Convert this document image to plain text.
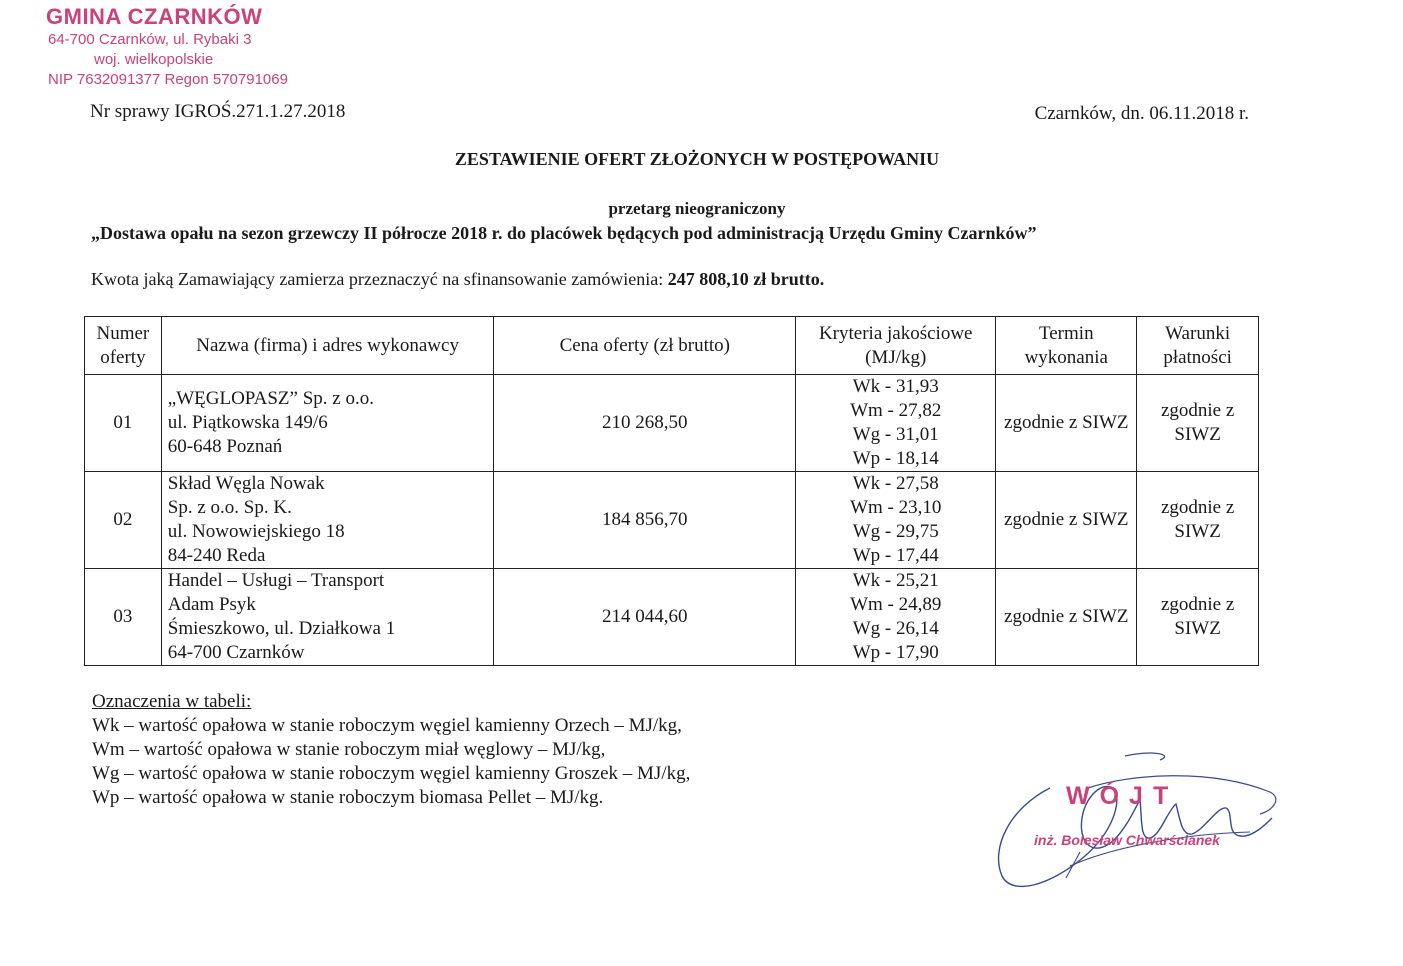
GMINA CZARNKÓW
64-700 Czarnków, ul. Rybaki 3
woj. wielkopolskie
NIP 7632091377 Regon 570791069
Nr sprawy IGROŚ.271.1.27.2018	Czarnków, dn. 06.11.2018 r.
ZESTAWIENIE OFERT ZŁOŻONYCH W POSTĘPOWANIU
przetarg nieograniczony
„Dostawa opału na sezon grzewczy II półrocze 2018 r. do placówek będących pod administracją Urzędu Gminy Czarnków”
Kwota jaką Zamawiający zamierza przeznaczyć na sfinansowanie zamówienia: 247 808,10 zł brutto.
Numer oferty	Nazwa (firma) i adres wykonawcy	Cena oferty (zł brutto)	Kryteria jakościowe (MJ/kg)	Termin wykonania	Warunki płatności
01	„WĘGLOPASZ” Sp. z o.o.
ul. Piątkowska 149/6
60-648 Poznań	210 268,50	Wk - 31,93
Wm - 27,82
Wg - 31,01
Wp - 18,14	zgodnie z SIWZ	zgodnie z SIWZ
02	Skład Węgla Nowak
Sp. z o.o. Sp. K.
ul. Nowowiejskiego 18
84-240 Reda	184 856,70	Wk - 27,58
Wm - 23,10
Wg - 29,75
Wp - 17,44	zgodnie z SIWZ	zgodnie z SIWZ
03	Handel – Usługi – Transport
Adam Psyk
Śmieszkowo, ul. Działkowa 1
64-700 Czarnków	214 044,60	Wk - 25,21
Wm - 24,89
Wg - 26,14
Wp - 17,90	zgodnie z SIWZ	zgodnie z SIWZ
Oznaczenia w tabeli:
Wk – wartość opałowa w stanie roboczym węgiel kamienny Orzech – MJ/kg,
Wm – wartość opałowa w stanie roboczym miał węglowy – MJ/kg,
Wg – wartość opałowa w stanie roboczym węgiel kamienny Groszek – MJ/kg,
Wp – wartość opałowa w stanie roboczym biomasa Pellet – MJ/kg.	WÓJT
inż. Bolesław Chwarścianek
